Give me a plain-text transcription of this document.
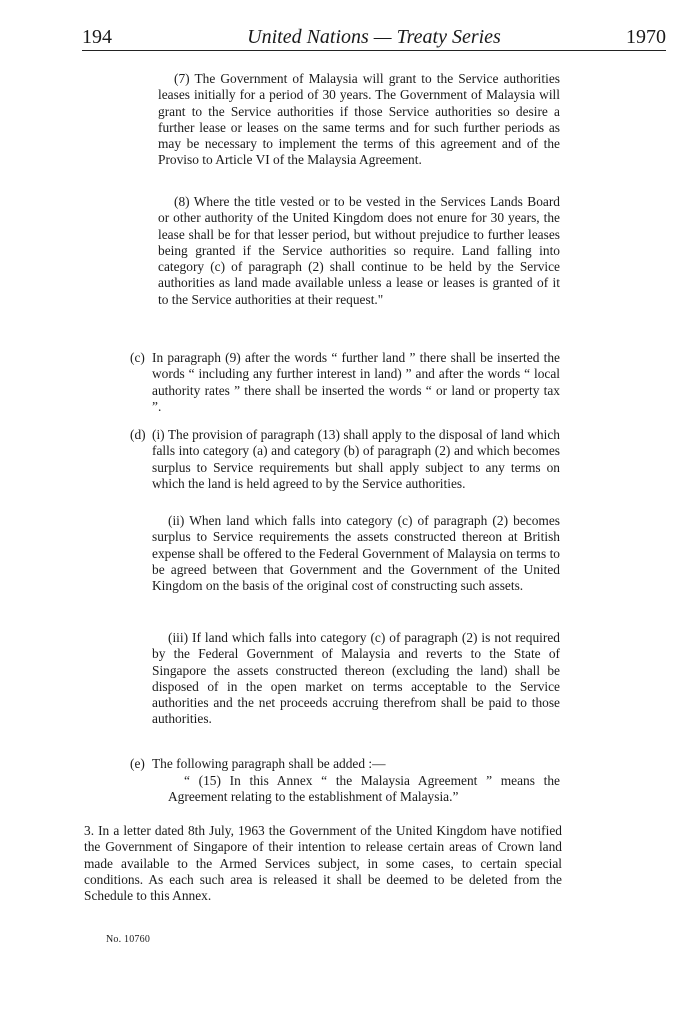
194	United Nations — Treaty Series	1970

(7) The Government of Malaysia will grant to the Service authorities leases initially for a period of 30 years. The Government of Malaysia will grant to the Service authorities if those Service authorities so desire a further lease or leases on the same terms and for such further periods as may be necessary to implement the terms of this agreement and of the Proviso to Article VI of the Malaysia Agreement.

(8) Where the title vested or to be vested in the Services Lands Board or other authority of the United Kingdom does not enure for 30 years, the lease shall be for that lesser period, but without prejudice to further leases being granted if the Service authorities so require. Land falling into category (c) of paragraph (2) shall continue to be held by the Service authorities as land made available unless a lease or leases is granted of it to the Service authorities at their request."

(c) In paragraph (9) after the words “ further land ” there shall be inserted the words “ including any further interest in land) ” and after the words “ local authority rates ” there shall be inserted the words “ or land or property tax ”.
(d) (i) The provision of paragraph (13) shall apply to the disposal of land which falls into category (a) and category (b) of paragraph (2) and which becomes surplus to Service requirements but shall apply subject to any terms on which the land is held agreed to by the Service authorities.

(ii) When land which falls into category (c) of paragraph (2) becomes surplus to Service requirements the assets constructed thereon at British expense shall be offered to the Federal Government of Malaysia on terms to be agreed between that Government and the Government of the United Kingdom on the basis of the original cost of constructing such assets.

(iii) If land which falls into category (c) of paragraph (2) is not required by the Federal Government of Malaysia and reverts to the State of Singapore the assets constructed thereon (excluding the land) shall be disposed of in the open market on terms acceptable to the Service authorities and the net proceeds accruing therefrom shall be paid to those authorities.

(e) The following paragraph shall be added :—

“ (15) In this Annex “ the Malaysia Agreement ” means the Agreement relating to the establishment of Malaysia.”

3. In a letter dated 8th July, 1963 the Government of the United Kingdom have notified the Government of Singapore of their intention to release certain areas of Crown land made available to the Armed Services subject, in some cases, to certain special conditions. As each such area is released it shall be deemed to be deleted from the Schedule to this Annex.

No. 10760
